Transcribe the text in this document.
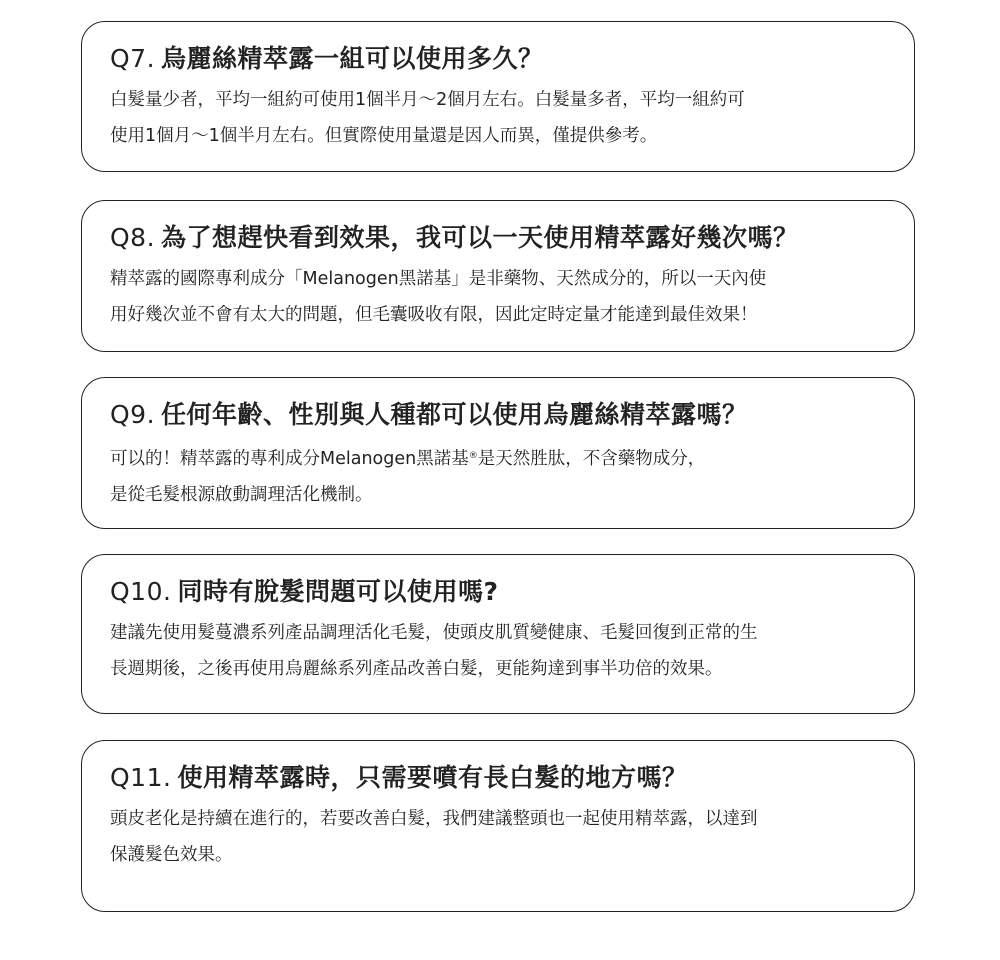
Q7. 烏麗絲精萃露一組可以使用多久？
白髮量少者，平均一組約可使用1個半月～2個月左右。白髮量多者，平均一組約可
使用1個月～1個半月左右。但實際使用量還是因人而異，僅提供參考。
Q8. 為了想趕快看到效果，我可以一天使用精萃露好幾次嗎？
精萃露的國際專利成分「Melanogen黑諾基」是非藥物、天然成分的，所以一天內使
用好幾次並不會有太大的問題，但毛囊吸收有限，因此定時定量才能達到最佳效果！
Q9. 任何年齡、性別與人種都可以使用烏麗絲精萃露嗎？
可以的！精萃露的專利成分Melanogen黑諾基®是天然胜肽，不含藥物成分，
是從毛髮根源啟動調理活化機制。
Q10. 同時有脫髮問題可以使用嗎?
建議先使用髮蔓濃系列產品調理活化毛髮，使頭皮肌質變健康、毛髮回復到正常的生
長週期後，之後再使用烏麗絲系列產品改善白髮，更能夠達到事半功倍的效果。
Q11. 使用精萃露時，只需要噴有長白髮的地方嗎？
頭皮老化是持續在進行的，若要改善白髮，我們建議整頭也一起使用精萃露，以達到
保護髮色效果。
